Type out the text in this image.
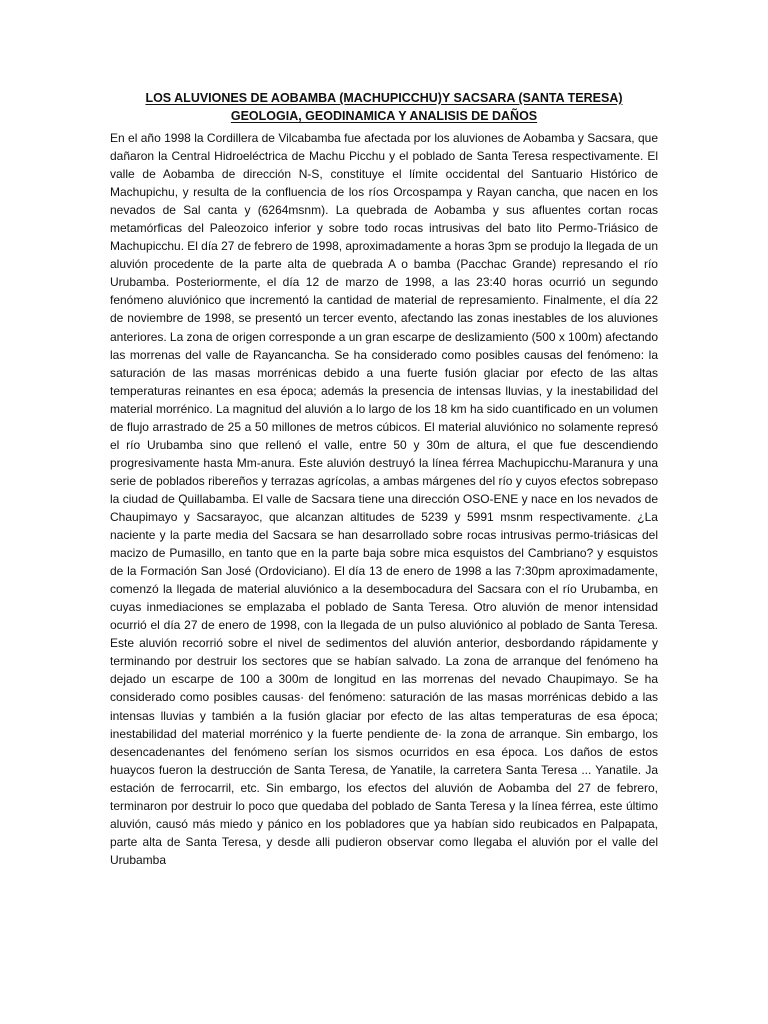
LOS ALUVIONES DE AOBAMBA (MACHUPICCHU)Y SACSARA (SANTA TERESA) GEOLOGIA, GEODINAMICA Y ANALISIS DE DAÑOS

En el año 1998 la Cordillera de Vilcabamba fue afectada por los aluviones de Aobamba y Sacsara, que dañaron la Central Hidroeléctrica de Machu Picchu y el poblado de Santa Teresa respectivamente. El valle de Aobamba de dirección N-S, constituye el límite occidental del Santuario Histórico de Machupichu, y resulta de la confluencia de los ríos Orcospampa y Rayan cancha, que nacen en los nevados de Sal canta y (6264msnm). La quebrada de Aobamba y sus afluentes cortan rocas metamórficas del Paleozoico inferior y sobre todo rocas intrusivas del bato lito Permo-Triásico de Machupicchu. El día 27 de febrero de 1998, aproximadamente a horas 3pm se produjo la llegada de un aluvión procedente de la parte alta de quebrada A o bamba (Pacchac Grande) represando el río Urubamba. Posteriormente, el día 12 de marzo de 1998, a las 23:40 horas ocurrió un segundo fenómeno aluviónico que incrementó la cantidad de material de represamiento. Finalmente, el día 22 de noviembre de 1998, se presentó un tercer evento, afectando las zonas inestables de los aluviones anteriores. La zona de origen corresponde a un gran escarpe de deslizamiento (500 x 100m) afectando las morrenas del valle de Rayancancha. Se ha considerado como posibles causas del fenómeno: la saturación de las masas morrénicas debido a una fuerte fusión glaciar por efecto de las altas temperaturas reinantes en esa época; además la presencia de intensas lluvias, y la inestabilidad del material morrénico. La magnitud del aluvión a lo largo de los 18 km ha sido cuantificado en un volumen de flujo arrastrado de 25 a 50 millones de metros cúbicos. El material aluviónico no solamente represó el río Urubamba sino que rellenó el valle, entre 50 y 30m de altura, el que fue descendiendo progresivamente hasta Mm-anura. Este aluvión destruyó la línea férrea Machupicchu-Maranura y una serie de poblados ribereños y terrazas agrícolas, a ambas márgenes del río y cuyos efectos sobrepaso la ciudad de Quillabamba. El valle de Sacsara tiene una dirección OSO-ENE y nace en los nevados de Chaupimayo y Sacsarayoc, que alcanzan altitudes de 5239 y 5991 msnm respectivamente. ¿La naciente y la parte media del Sacsara se han desarrollado sobre rocas intrusivas permo-triásicas del macizo de Pumasillo, en tanto que en la parte baja sobre mica esquistos del Cambriano? y esquistos de la Formación San José (Ordoviciano). El día 13 de enero de 1998 a las 7:30pm aproximadamente, comenzó la llegada de material aluviónico a la desembocadura del Sacsara con el río Urubamba, en cuyas inmediaciones se emplazaba el poblado de Santa Teresa. Otro aluvión de menor intensidad ocurrió el día 27 de enero de 1998, con la llegada de un pulso aluviónico al poblado de Santa Teresa. Este aluvión recorrió sobre el nivel de sedimentos del aluvión anterior, desbordando rápidamente y terminando por destruir los sectores que se habían salvado. La zona de arranque del fenómeno ha dejado un escarpe de 100 a 300m de longitud en las morrenas del nevado Chaupimayo. Se ha considerado como posibles causas· del fenómeno: saturación de las masas morrénicas debido a las intensas lluvias y también a la fusión glaciar por efecto de las altas temperaturas de esa época; inestabilidad del material morrénico y la fuerte pendiente de· la zona de arranque. Sin embargo, los desencadenantes del fenómeno serían los sismos ocurridos en esa época. Los daños de estos huaycos fueron la destrucción de Santa Teresa, de Yanatile, la carretera Santa Teresa ... Yanatile. Ja estación de ferrocarril, etc. Sin embargo, los efectos del aluvión de Aobamba del 27 de febrero, terminaron por destruir lo poco que quedaba del poblado de Santa Teresa y la línea férrea, este último aluvión, causó más miedo y pánico en los pobladores que ya habían sido reubicados en Palpapata, parte alta de Santa Teresa, y desde alli pudieron observar como llegaba el aluvión por el valle del Urubamba
